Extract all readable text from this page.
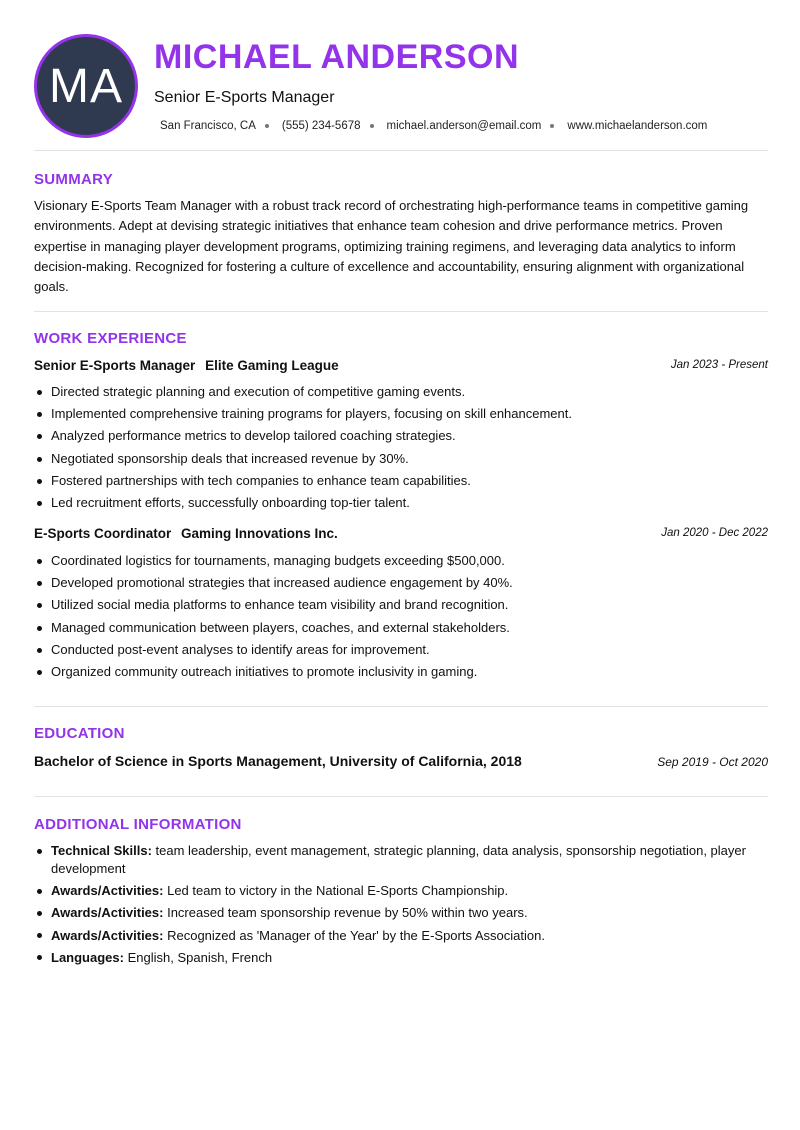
MA
MICHAEL ANDERSON
Senior E-Sports Manager
San Francisco, CA (555) 234-5678 michael.anderson@email.com www.michaelanderson.com
SUMMARY
Visionary E-Sports Team Manager with a robust track record of orchestrating high-performance teams in competitive gaming environments. Adept at devising strategic initiatives that enhance team cohesion and drive performance metrics. Proven expertise in managing player development programs, optimizing training regimens, and leveraging data analytics to inform decision-making. Recognized for fostering a culture of excellence and accountability, ensuring alignment with organizational goals.
WORK EXPERIENCE
Senior E-Sports Manager Elite Gaming League	Jan 2023 - Present
Directed strategic planning and execution of competitive gaming events.
Implemented comprehensive training programs for players, focusing on skill enhancement.
Analyzed performance metrics to develop tailored coaching strategies.
Negotiated sponsorship deals that increased revenue by 30%.
Fostered partnerships with tech companies to enhance team capabilities.
Led recruitment efforts, successfully onboarding top-tier talent.
E-Sports Coordinator Gaming Innovations Inc.	Jan 2020 - Dec 2022
Coordinated logistics for tournaments, managing budgets exceeding $500,000.
Developed promotional strategies that increased audience engagement by 40%.
Utilized social media platforms to enhance team visibility and brand recognition.
Managed communication between players, coaches, and external stakeholders.
Conducted post-event analyses to identify areas for improvement.
Organized community outreach initiatives to promote inclusivity in gaming.
EDUCATION
Bachelor of Science in Sports Management, University of California, 2018	Sep 2019 - Oct 2020
ADDITIONAL INFORMATION
Technical Skills: team leadership, event management, strategic planning, data analysis, sponsorship negotiation, player development
Awards/Activities: Led team to victory in the National E-Sports Championship.
Awards/Activities: Increased team sponsorship revenue by 50% within two years.
Awards/Activities: Recognized as 'Manager of the Year' by the E-Sports Association.
Languages: English, Spanish, French
